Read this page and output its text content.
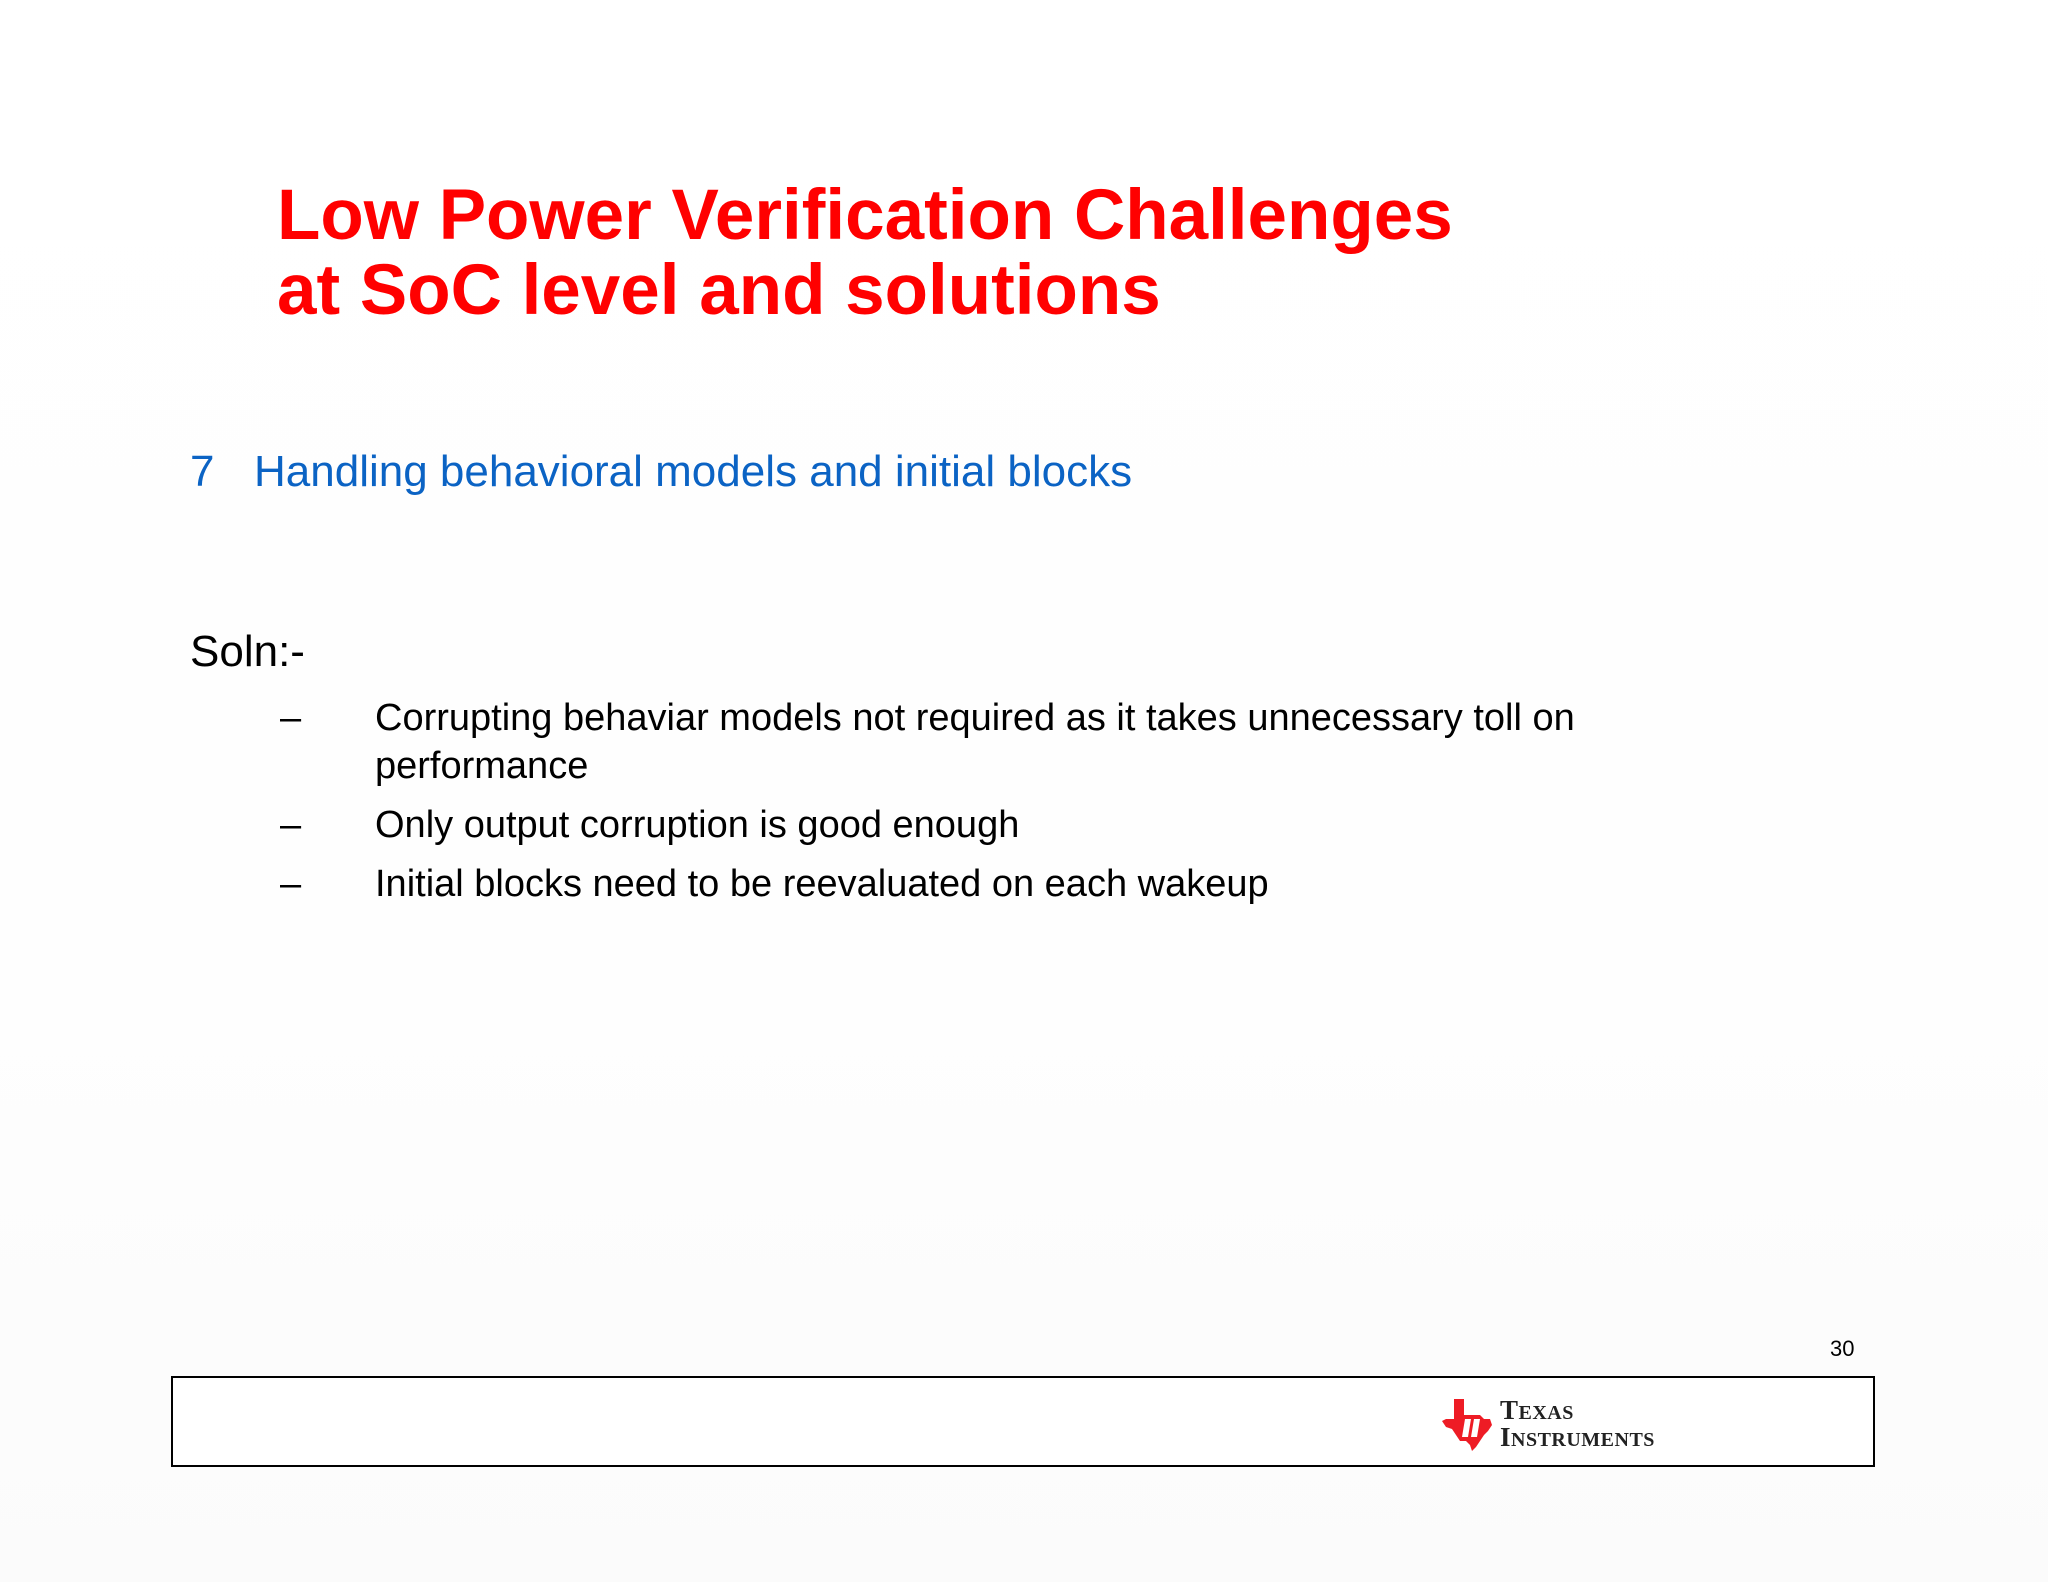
Low Power Verification Challenges
at SoC level and solutions
7 Handling behavioral models and initial blocks
Soln:-
– Corrupting behaviar models not required as it takes unnecessary toll on performance
– Only output corruption is good enough
– Initial blocks need to be reevaluated on each wakeup
30
TEXAS
INSTRUMENTS
